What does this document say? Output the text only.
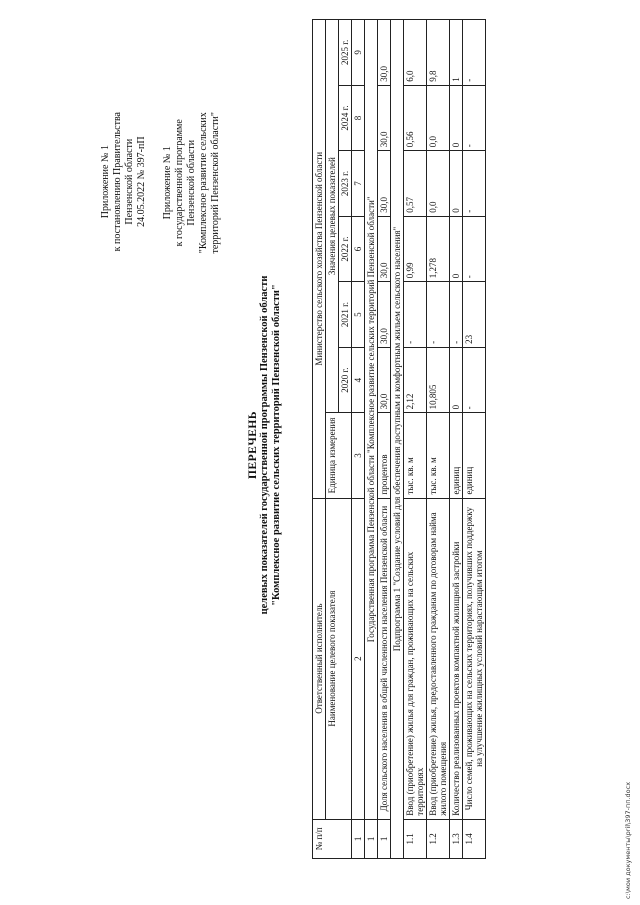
Приложение № 1 к постановлению Правительства Пензенской области 24.05.2022 № 397-пП Приложение № 1 к государственной программе Пензенской области "Комплексное развитие сельских территорий Пензенской области"
ПЕРЕЧЕНЬ целевых показателей государственной программы Пензенской области "Комплексное развитие сельских территорий Пензенской области"
№ п/п	Ответственный исполнитель	Министерство сельского хозяйства Пензенской области						
	Наименование целевого показателя	Единица измерения	Значения целевых показателей					
			2020 г.	2021 г.	2022 г.	2023 г.	2024 г.	2025 г.
1	2	3	4	5	6	7	8	9
1	Государственная программа Пензенской области "Комплексное развитие сельских территорий Пензенской области"							
1	Доля сельского населения в общей численности населения Пензенской области	процентов	30,0	30,0	30,0	30,0	30,0	30,0
Подпрограмма 1 "Создание условий для обеспечения доступным и комфортным жильем сельского населения"								
1.1	Ввод (приобретение) жилья для граждан, проживающих на сельских территориях	тыс. кв. м	2,12	-	0,99	0,57	0,56	6,0
1.2	Ввод (приобретение) жилья, предоставленного гражданам по договорам найма жилого помещения	тыс. кв. м	10,805	-	1,278	0,0	0,0	9,8
1.3	Количество реализованных проектов компактной жилищной застройки	единиц	0	-	0	0	0	1
1.4	Число семей, проживающих на сельских территориях, получивших поддержку на улучшение жилищных условий нарастающим итогом	единиц	-	23	-	-	-	-
c:\мои документы\pril\397-пп.docx
